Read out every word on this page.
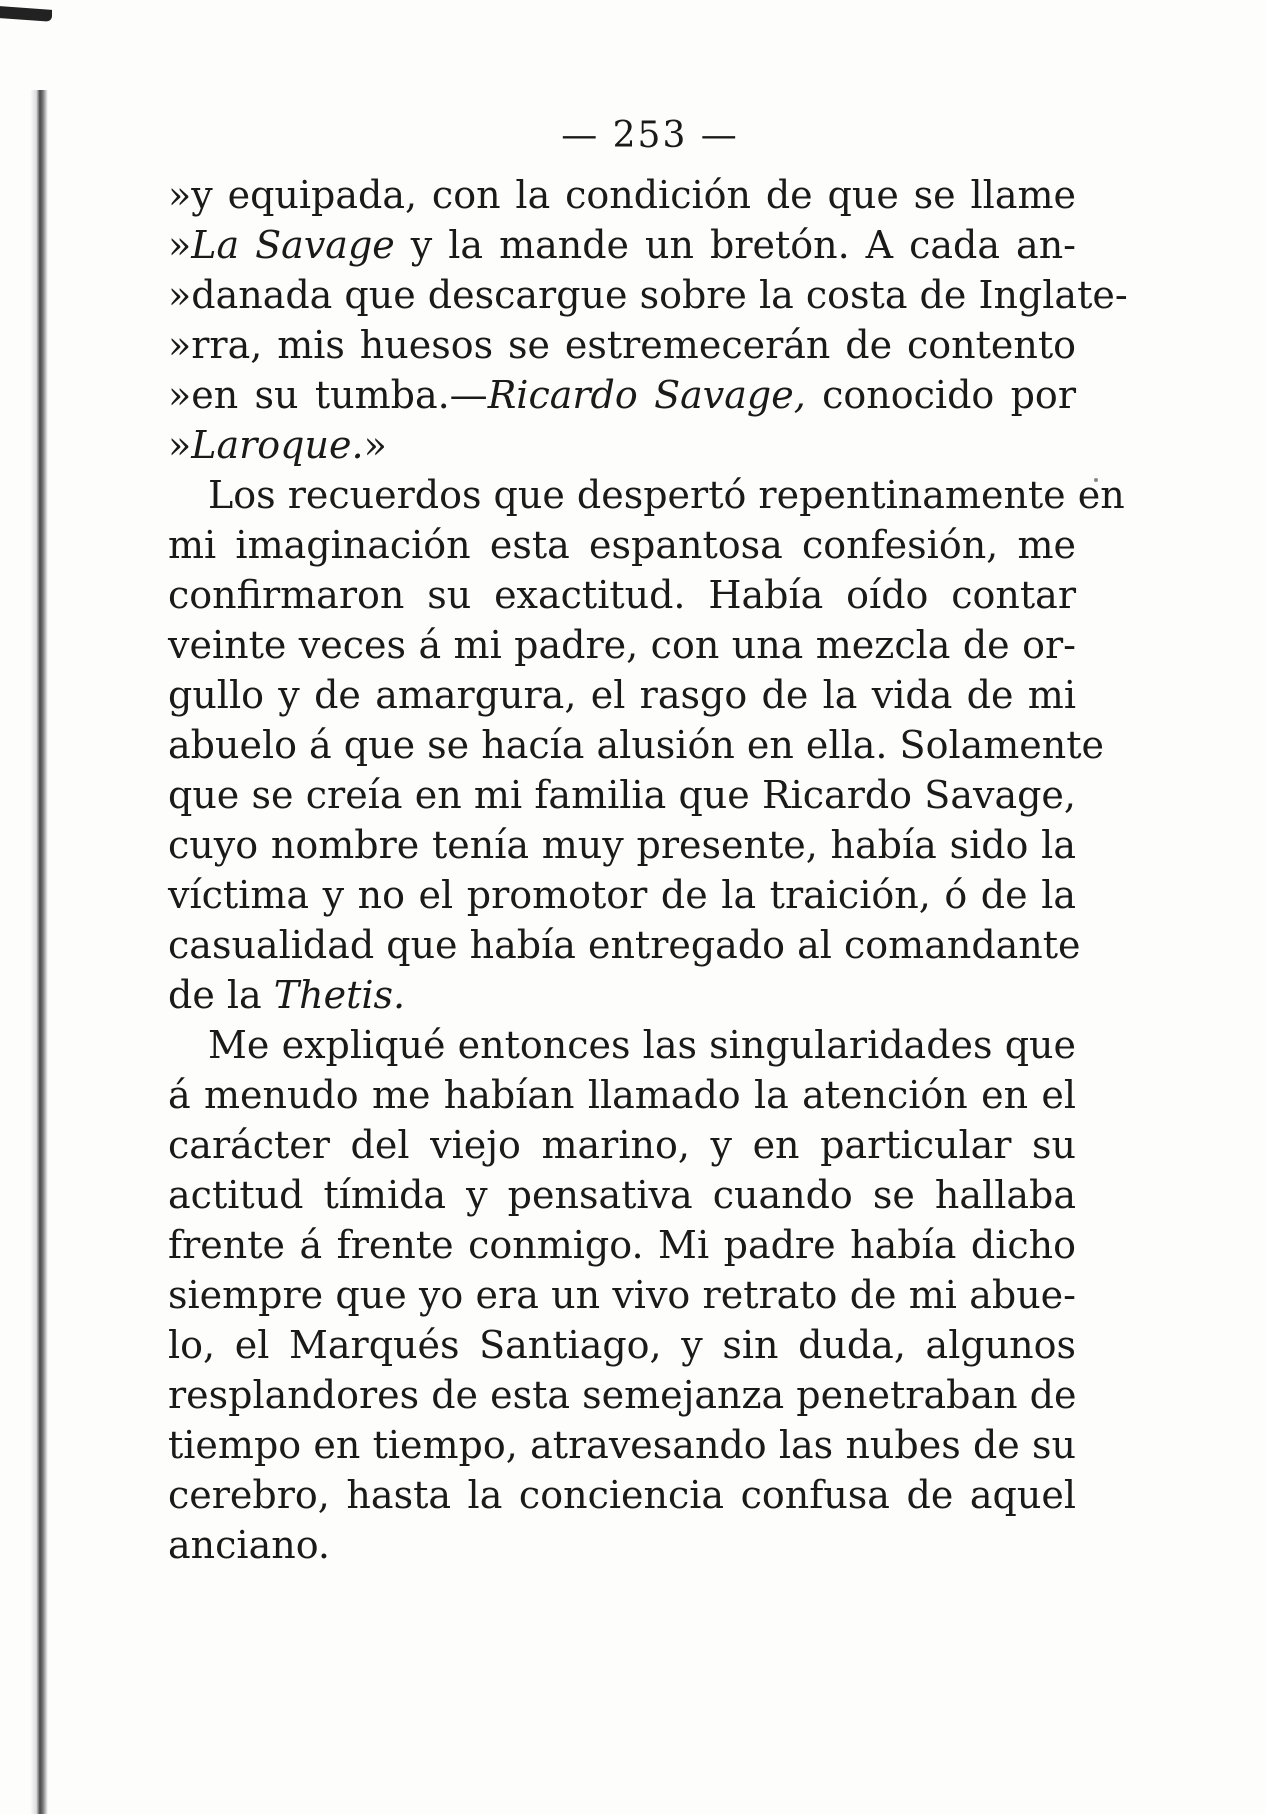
— 253 —
»y equipada, con la condición de que se llame
»La Savage y la mande un bretón. A cada an-
»danada que descargue sobre la costa de Inglate-
»rra, mis huesos se estremecerán de contento
»en su tumba.—Ricardo Savage, conocido por
»Laroque.»
Los recuerdos que despertó repentinamente en
mi imaginación esta espantosa confesión, me
confirmaron su exactitud. Había oído contar
veinte veces á mi padre, con una mezcla de or-
gullo y de amargura, el rasgo de la vida de mi
abuelo á que se hacía alusión en ella. Solamente
que se creía en mi familia que Ricardo Savage,
cuyo nombre tenía muy presente, había sido la
víctima y no el promotor de la traición, ó de la
casualidad que había entregado al comandante
de la Thetis.
Me expliqué entonces las singularidades que
á menudo me habían llamado la atención en el
carácter del viejo marino, y en particular su
actitud tímida y pensativa cuando se hallaba
frente á frente conmigo. Mi padre había dicho
siempre que yo era un vivo retrato de mi abue-
lo, el Marqués Santiago, y sin duda, algunos
resplandores de esta semejanza penetraban de
tiempo en tiempo, atravesando las nubes de su
cerebro, hasta la conciencia confusa de aquel
anciano.
